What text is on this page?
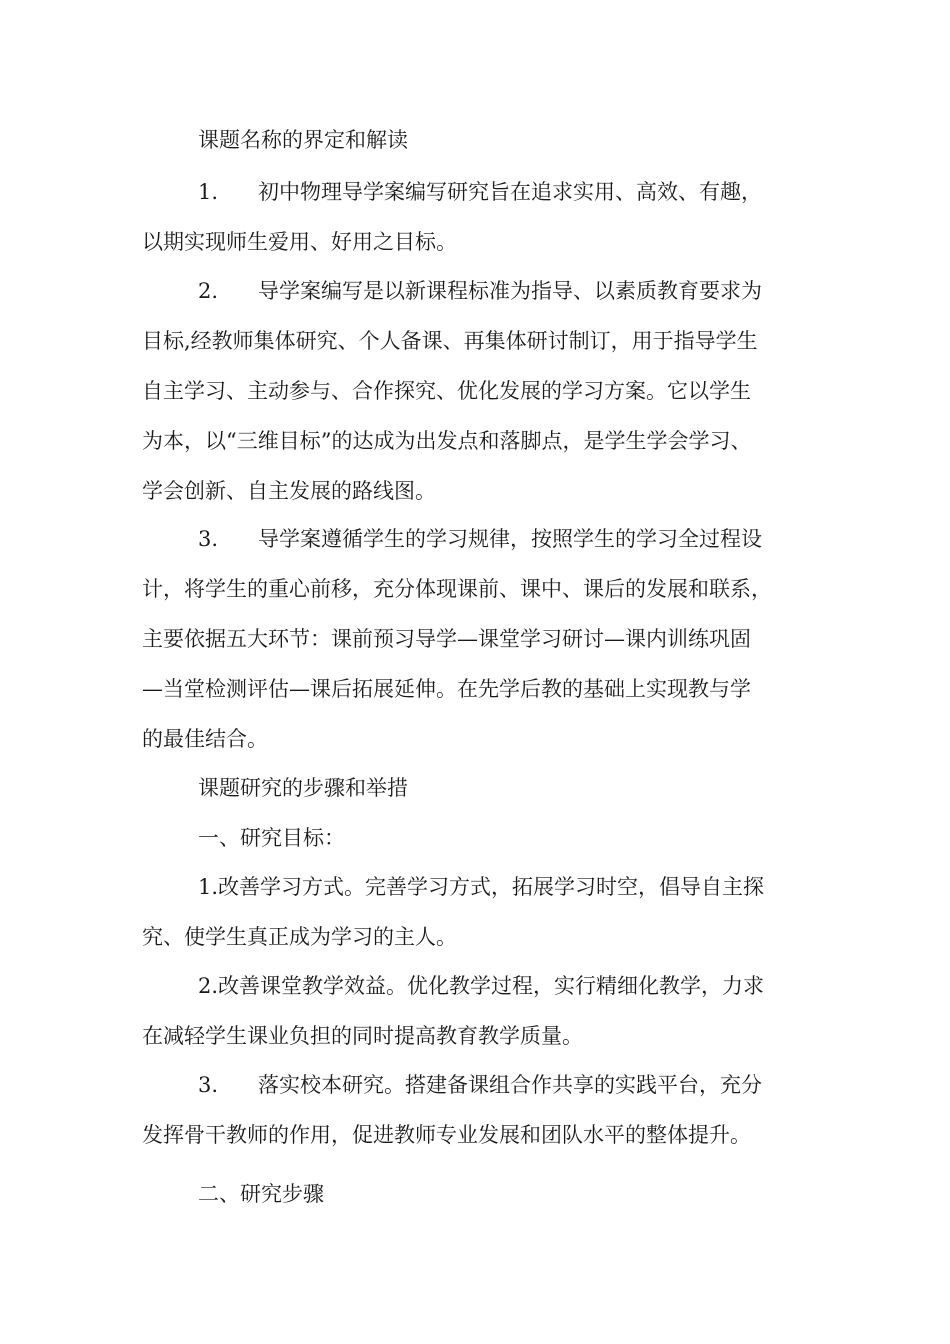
课题名称的界定和解读
1.	初中物理导学案编写研究旨在追求实用、高效、有趣，
以期实现师生爱用、好用之目标。
2.	导学案编写是以新课程标准为指导、以素质教育要求为
目标,经教师集体研究、个人备课、再集体研讨制订，用于指导学生
自主学习、主动参与、合作探究、优化发展的学习方案。它以学生
为本，以“三维目标”的达成为出发点和落脚点，是学生学会学习、
学会创新、自主发展的路线图。
3.	导学案遵循学生的学习规律，按照学生的学习全过程设
计，将学生的重心前移，充分体现课前、课中、课后的发展和联系，
主要依据五大环节：课前预习导学—课堂学习研讨—课内训练巩固
—当堂检测评估—课后拓展延伸。在先学后教的基础上实现教与学
的最佳结合。
课题研究的步骤和举措
一、研究目标：
1.改善学习方式。完善学习方式，拓展学习时空，倡导自主探
究、使学生真正成为学习的主人。
2.改善课堂教学效益。优化教学过程，实行精细化教学，力求
在减轻学生课业负担的同时提高教育教学质量。
3.	落实校本研究。搭建备课组合作共享的实践平台，充分
发挥骨干教师的作用，促进教师专业发展和团队水平的整体提升。
二、研究步骤
